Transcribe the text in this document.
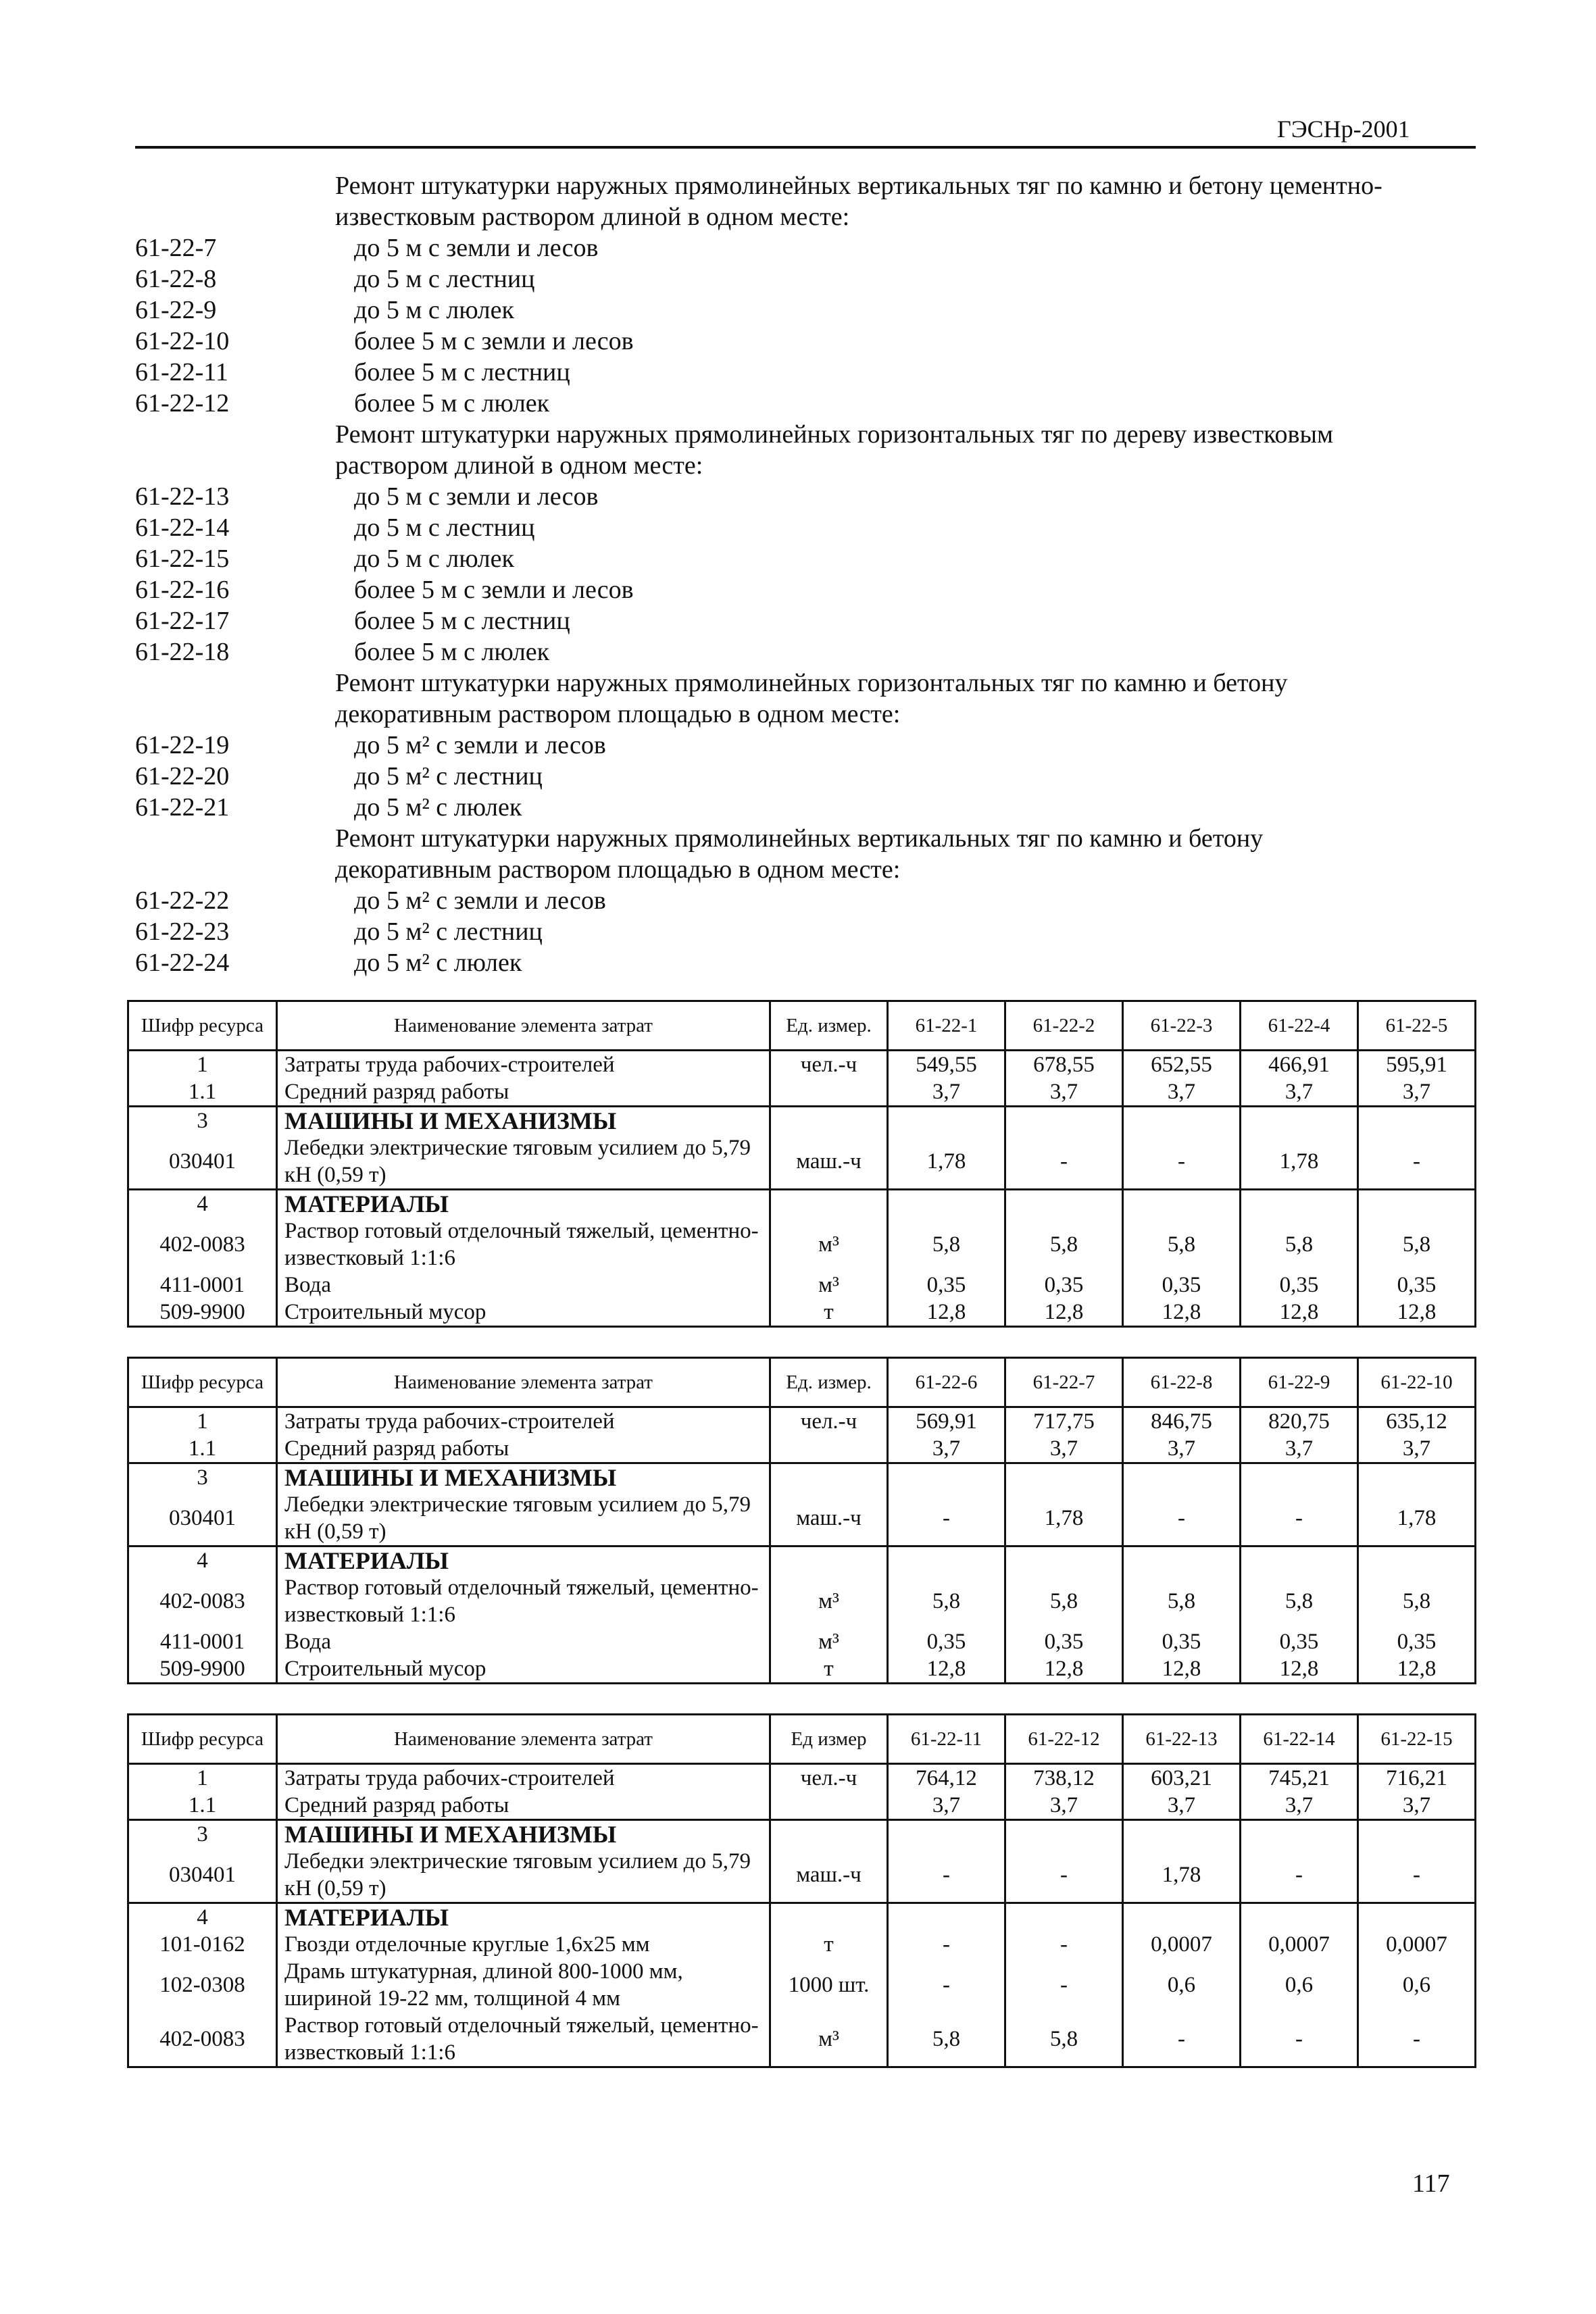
ГЭСНр-2001
Ремонт штукатурки наружных прямолинейных вертикальных тяг по камню и бетону цементно-
известковым раствором длиной в одном месте:
61-22-7	до 5 м с земли и лесов
61-22-8	до 5 м с лестниц
61-22-9	до 5 м с люлек
61-22-10	более 5 м с земли и лесов
61-22-11	более 5 м с лестниц
61-22-12	более 5 м с люлек
Ремонт штукатурки наружных прямолинейных горизонтальных тяг по дереву известковым
раствором длиной в одном месте:
61-22-13	до 5 м с земли и лесов
61-22-14	до 5 м с лестниц
61-22-15	до 5 м с люлек
61-22-16	более 5 м с земли и лесов
61-22-17	более 5 м с лестниц
61-22-18	более 5 м с люлек
Ремонт штукатурки наружных прямолинейных горизонтальных тяг по камню и бетону
декоративным раствором площадью в одном месте:
61-22-19	до 5 м² с земли и лесов
61-22-20	до 5 м² с лестниц
61-22-21	до 5 м² с люлек
Ремонт штукатурки наружных прямолинейных вертикальных тяг по камню и бетону
декоративным раствором площадью в одном месте:
61-22-22	до 5 м² с земли и лесов
61-22-23	до 5 м² с лестниц
61-22-24	до 5 м² с люлек
Шифр ресурса	Наименование элемента затрат	Ед. измер.	61-22-1	61-22-2	61-22-3	61-22-4	61-22-5
1	Затраты труда рабочих-строителей	чел.-ч	549,55	678,55	652,55	466,91	595,91
1.1	Средний разряд работы		3,7	3,7	3,7	3,7	3,7
3	МАШИНЫ И МЕХАНИЗМЫ						
030401	Лебедки электрические тяговым усилием до 5,79 кН (0,59 т)	маш.-ч	1,78	-	-	1,78	-
4	МАТЕРИАЛЫ						
402-0083	Раствор готовый отделочный тяжелый, цементно-известковый 1:1:6	м³	5,8	5,8	5,8	5,8	5,8
411-0001	Вода	м³	0,35	0,35	0,35	0,35	0,35
509-9900	Строительный мусор	т	12,8	12,8	12,8	12,8	12,8
Шифр ресурса	Наименование элемента затрат	Ед. измер.	61-22-6	61-22-7	61-22-8	61-22-9	61-22-10
1	Затраты труда рабочих-строителей	чел.-ч	569,91	717,75	846,75	820,75	635,12
1.1	Средний разряд работы		3,7	3,7	3,7	3,7	3,7
3	МАШИНЫ И МЕХАНИЗМЫ						
030401	Лебедки электрические тяговым усилием до 5,79 кН (0,59 т)	маш.-ч	-	1,78	-	-	1,78
4	МАТЕРИАЛЫ						
402-0083	Раствор готовый отделочный тяжелый, цементно-известковый 1:1:6	м³	5,8	5,8	5,8	5,8	5,8
411-0001	Вода	м³	0,35	0,35	0,35	0,35	0,35
509-9900	Строительный мусор	т	12,8	12,8	12,8	12,8	12,8
Шифр ресурса	Наименование элемента затрат	Ед измер	61-22-11	61-22-12	61-22-13	61-22-14	61-22-15
1	Затраты труда рабочих-строителей	чел.-ч	764,12	738,12	603,21	745,21	716,21
1.1	Средний разряд работы		3,7	3,7	3,7	3,7	3,7
3	МАШИНЫ И МЕХАНИЗМЫ						
030401	Лебедки электрические тяговым усилием до 5,79 кН (0,59 т)	маш.-ч	-	-	1,78	-	-
4	МАТЕРИАЛЫ						
101-0162	Гвозди отделочные круглые 1,6х25 мм	т	-	-	0,0007	0,0007	0,0007
102-0308	Драмь штукатурная, длиной 800-1000 мм, шириной 19-22 мм, толщиной 4 мм	1000 шт.	-	-	0,6	0,6	0,6
402-0083	Раствор готовый отделочный тяжелый, цементно-известковый 1:1:6	м³	5,8	5,8	-	-	-
117
